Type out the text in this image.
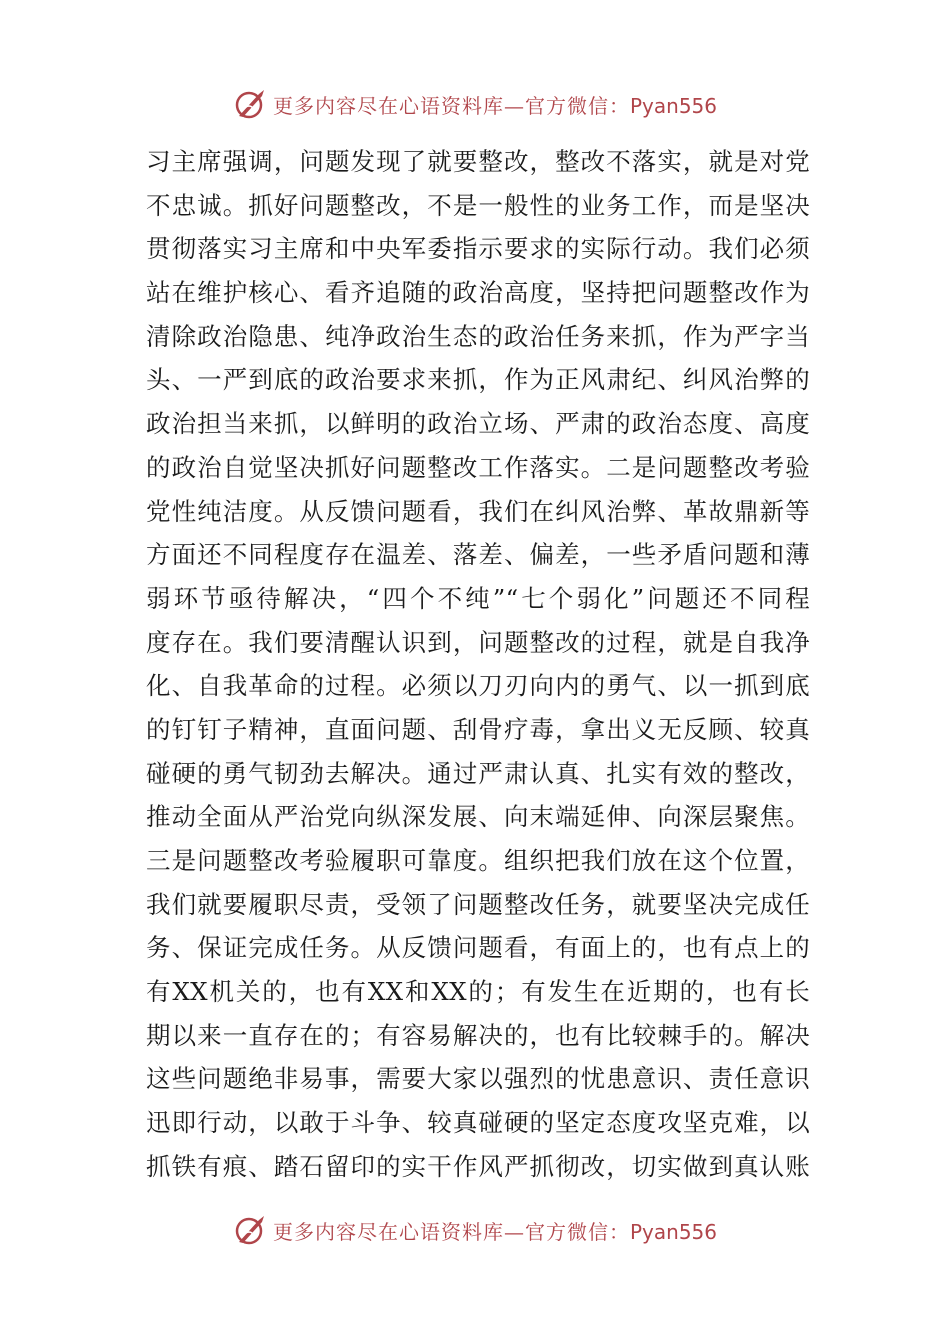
更多内容尽在心语资料库—官方微信：Pyan556
习主席强调，问题发现了就要整改，整改不落实，就是对党
不忠诚。抓好问题整改，不是一般性的业务工作，而是坚决
贯彻落实习主席和中央军委指示要求的实际行动。我们必须
站在维护核心、看齐追随的政治高度，坚持把问题整改作为
清除政治隐患、纯净政治生态的政治任务来抓，作为严字当
头、一严到底的政治要求来抓，作为正风肃纪、纠风治弊的
政治担当来抓，以鲜明的政治立场、严肃的政治态度、高度
的政治自觉坚决抓好问题整改工作落实。二是问题整改考验
党性纯洁度。从反馈问题看，我们在纠风治弊、革故鼎新等
方面还不同程度存在温差、落差、偏差，一些矛盾问题和薄
弱环节亟待解决，“四个不纯”“七个弱化”问题还不同程
度存在。我们要清醒认识到，问题整改的过程，就是自我净
化、自我革命的过程。必须以刀刃向内的勇气、以一抓到底
的钉钉子精神，直面问题、刮骨疗毒，拿出义无反顾、较真
碰硬的勇气韧劲去解决。通过严肃认真、扎实有效的整改，
推动全面从严治党向纵深发展、向末端延伸、向深层聚焦。
三是问题整改考验履职可靠度。组织把我们放在这个位置，
我们就要履职尽责，受领了问题整改任务，就要坚决完成任
务、保证完成任务。从反馈问题看，有面上的，也有点上的
有XX机关的，也有XX和XX的；有发生在近期的，也有长
期以来一直存在的；有容易解决的，也有比较棘手的。解决
这些问题绝非易事，需要大家以强烈的忧患意识、责任意识
迅即行动，以敢于斗争、较真碰硬的坚定态度攻坚克难，以
抓铁有痕、踏石留印的实干作风严抓彻改，切实做到真认账
更多内容尽在心语资料库—官方微信：Pyan556
